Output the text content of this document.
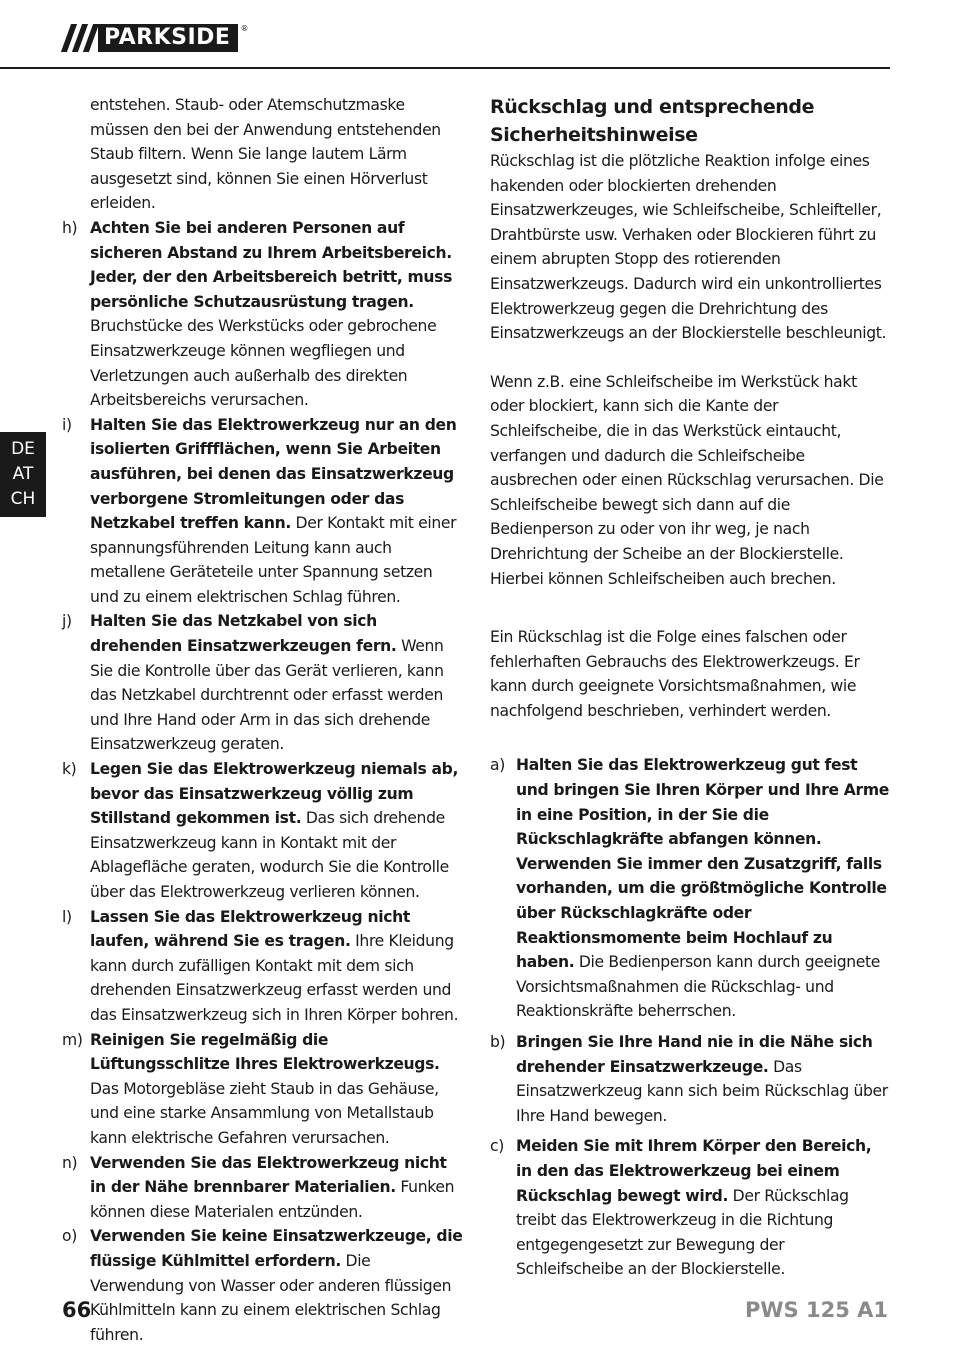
PARKSIDE	®
DE
AT
CH

entstehen. Staub- oder Atemschutzmaske müssen den bei der Anwendung entstehenden Staub filtern. Wenn Sie lange lautem Lärm ausgesetzt sind, können Sie einen Hörverlust erleiden.

h) Achten Sie bei anderen Personen auf sicheren Abstand zu Ihrem Arbeitsbereich. Jeder, der den Arbeitsbereich betritt, muss persönliche Schutzausrüstung tragen. Bruchstücke des Werkstücks oder gebrochene Einsatzwerkzeuge können wegfliegen und Verletzungen auch außerhalb des direkten Arbeitsbereichs verursachen.
i)	Halten Sie das Elektrowerkzeug nur an den isolierten Griffflächen, wenn Sie Arbeiten ausführen, bei denen das Einsatzwerkzeug verborgene Stromleitungen oder das Netzkabel treffen kann. Der Kontakt mit einer spannungsführenden Leitung kann auch metallene Geräteteile unter Spannung setzen und zu einem elektrischen Schlag führen.
j)	Halten Sie das Netzkabel von sich drehenden Einsatzwerkzeugen fern. Wenn Sie die Kontrolle über das Gerät verlieren, kann das Netzkabel durchtrennt oder erfasst werden und Ihre Hand oder Arm in das sich drehende Einsatzwerkzeug geraten.
k) Legen Sie das Elektrowerkzeug niemals ab, bevor das Einsatzwerkzeug völlig zum Stillstand gekommen ist. Das sich drehende Einsatzwerkzeug kann in Kontakt mit der Ablagefläche geraten, wodurch Sie die Kontrolle über das Elektrowerkzeug verlieren können.
l)	Lassen Sie das Elektrowerkzeug nicht laufen, während Sie es tragen. Ihre Kleidung kann durch zufälligen Kontakt mit dem sich drehenden Einsatzwerkzeug erfasst werden und das Einsatzwerkzeug sich in Ihren Körper bohren.
m) Reinigen Sie regelmäßig die Lüftungsschlitze Ihres Elektrowerkzeugs. Das Motorgebläse zieht Staub in das Gehäuse, und eine starke Ansammlung von Metallstaub kann elektrische Gefahren verursachen.
n) Verwenden Sie das Elektrowerkzeug nicht in der Nähe brennbarer Materialien. Funken können diese Materialen entzünden.
o) Verwenden Sie keine Einsatzwerkzeuge, die flüssige Kühlmittel erfordern. Die Verwendung von Wasser oder anderen flüssigen Kühlmitteln kann zu einem elektrischen Schlag führen.
Rückschlag und entsprechende Sicherheitshinweise

Rückschlag ist die plötzliche Reaktion infolge eines hakenden oder blockierten drehenden Einsatzwerkzeuges, wie Schleifscheibe, Schleifteller, Drahtbürste usw. Verhaken oder Blockieren führt zu einem abrupten Stopp des rotierenden Einsatzwerkzeugs. Dadurch wird ein unkontrolliertes Elektrowerkzeug gegen die Drehrichtung des Einsatzwerkzeugs an der Blockierstelle beschleunigt.

Wenn z.B. eine Schleifscheibe im Werkstück hakt oder blockiert, kann sich die Kante der Schleifscheibe, die in das Werkstück eintaucht, verfangen und dadurch die Schleifscheibe ausbrechen oder einen Rückschlag verursachen. Die Schleifscheibe bewegt sich dann auf die Bedienperson zu oder von ihr weg, je nach Drehrichtung der Scheibe an der Blockierstelle. Hierbei können Schleifscheiben auch brechen.

Ein Rückschlag ist die Folge eines falschen oder fehlerhaften Gebrauchs des Elektrowerkzeugs. Er kann durch geeignete Vorsichtsmaßnahmen, wie nachfolgend beschrieben, verhindert werden.

a) Halten Sie das Elektrowerkzeug gut fest und bringen Sie Ihren Körper und Ihre Arme in eine Position, in der Sie die Rückschlagkräfte abfangen können. Verwenden Sie immer den Zusatzgriff, falls vorhanden, um die größtmögliche Kontrolle über Rückschlagkräfte oder Reaktionsmomente beim Hochlauf zu haben. Die Bedienperson kann durch geeignete Vorsichtsmaßnahmen die Rückschlag- und Reaktionskräfte beherrschen.
b) Bringen Sie Ihre Hand nie in die Nähe sich drehender Einsatzwerkzeuge. Das Einsatzwerkzeug kann sich beim Rückschlag über Ihre Hand bewegen.
c) Meiden Sie mit Ihrem Körper den Bereich, in den das Elektrowerkzeug bei einem Rückschlag bewegt wird. Der Rückschlag treibt das Elektrowerkzeug in die Richtung entgegengesetzt zur Bewegung der Schleifscheibe an der Blockierstelle.
66	PWS 125 A1
